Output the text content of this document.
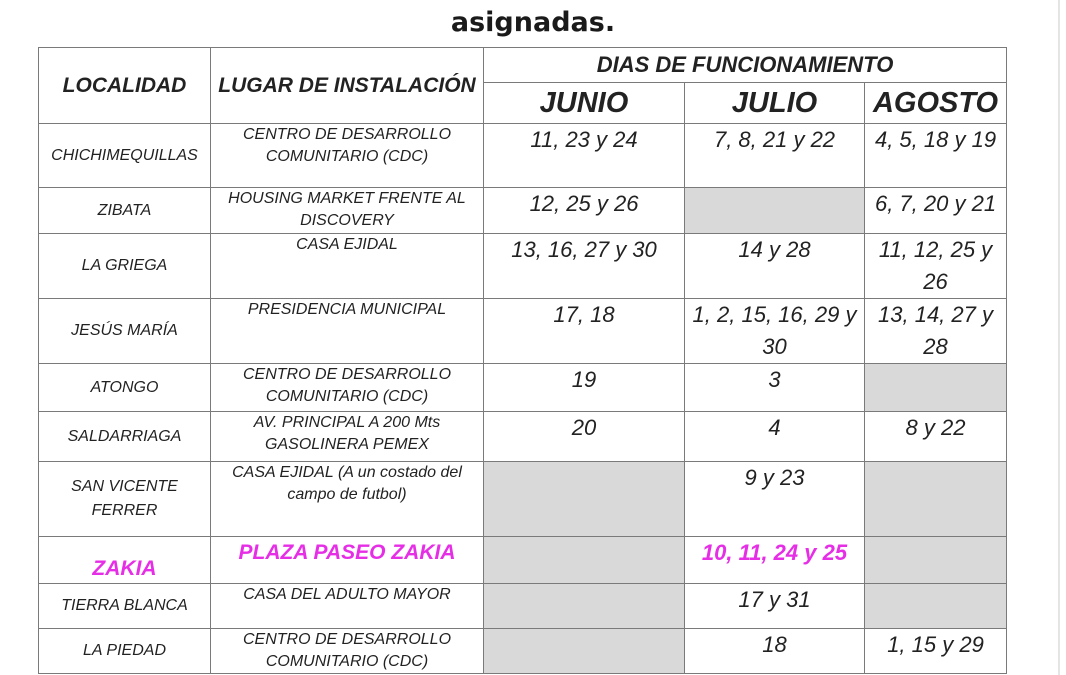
asignadas.
LOCALIDAD	LUGAR DE INSTALACIÓN	DIAS DE FUNCIONAMIENTO		
		JUNIO	JULIO	AGOSTO
CHICHIMEQUILLAS	CENTRO DE DESARROLLO COMUNITARIO (CDC)	11, 23 y 24	7, 8, 21 y 22	4, 5, 18 y 19
ZIBATA	HOUSING MARKET FRENTE AL DISCOVERY	12, 25 y 26		6, 7, 20 y 21
LA GRIEGA	CASA EJIDAL	13, 16, 27 y 30	14 y 28	11, 12, 25 y 26
JESÚS MARÍA	PRESIDENCIA MUNICIPAL	17, 18	1, 2, 15, 16, 29 y 30	13, 14, 27 y 28
ATONGO	CENTRO DE DESARROLLO COMUNITARIO (CDC)	19	3	
SALDARRIAGA	AV. PRINCIPAL A 200 Mts GASOLINERA PEMEX	20	4	8 y 22
SAN VICENTE FERRER	CASA EJIDAL (A un costado del campo de futbol)		9 y 23	
ZAKIA	PLAZA PASEO ZAKIA		10, 11, 24 y 25	
TIERRA BLANCA	CASA DEL ADULTO MAYOR		17 y 31	
LA PIEDAD	CENTRO DE DESARROLLO COMUNITARIO (CDC)		18	1, 15 y 29
